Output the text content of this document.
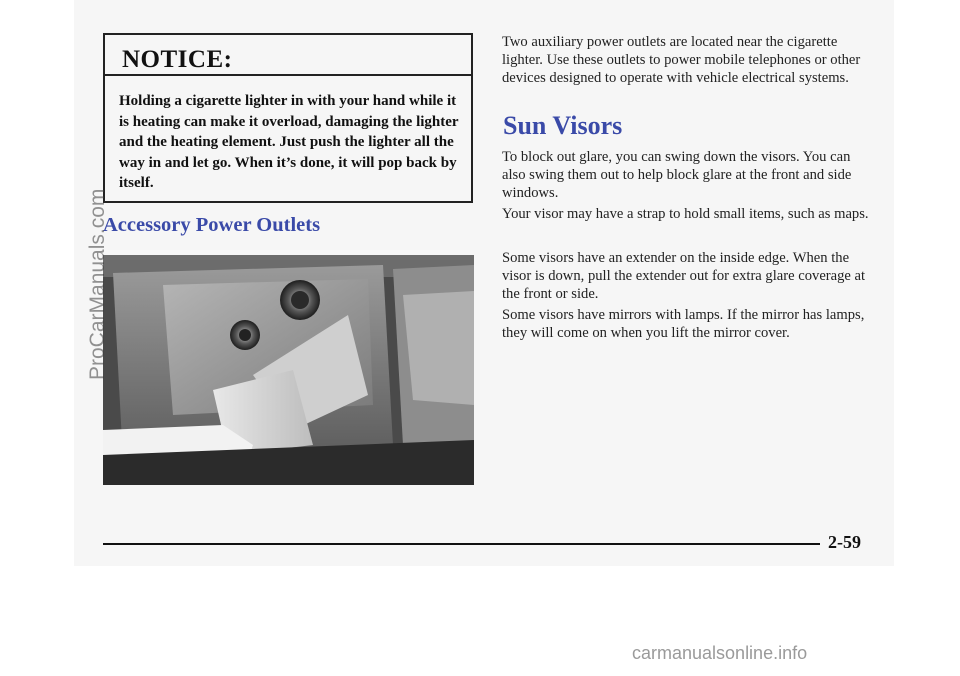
NOTICE:
Holding a cigarette lighter in with your hand while it is heating can make it overload, damaging the lighter and the heating element. Just push the lighter all the way in and let go. When it’s done, it will pop back by itself.
Accessory Power Outlets
Two auxiliary power outlets are located near the cigarette lighter. Use these outlets to power mobile telephones or other devices designed to operate with vehicle electrical systems.
Sun Visors
To block out glare, you can swing down the visors. You can also swing them out to help block glare at the front and side windows.
Your visor may have a strap to hold small items, such as maps.
Some visors have an extender on the inside edge. When the visor is down, pull the extender out for extra glare coverage at the front or side.
Some visors have mirrors with lamps. If the mirror has lamps, they will come on when you lift the mirror cover.
2-59
ProCarManuals.com
carmanualsonline.info
